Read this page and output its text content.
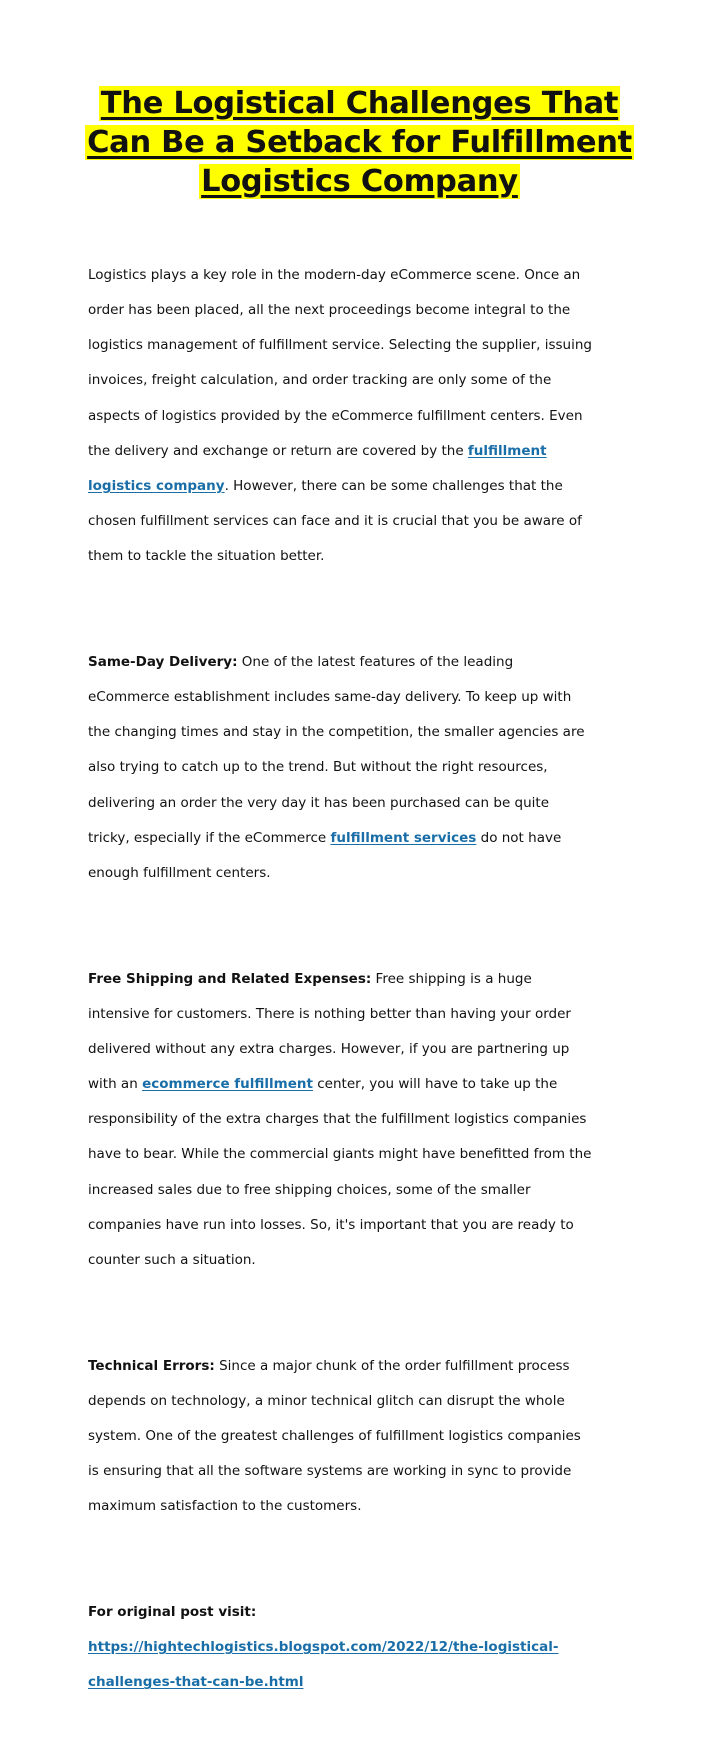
The Logistical Challenges That
Can Be a Setback for Fulfillment
Logistics Company

Logistics plays a key role in the modern-day eCommerce scene. Once an

order has been placed, all the next proceedings become integral to the

logistics management of fulfillment service. Selecting the supplier, issuing

invoices, freight calculation, and order tracking are only some of the

aspects of logistics provided by the eCommerce fulfillment centers. Even

the delivery and exchange or return are covered by the fulfillment

logistics company. However, there can be some challenges that the

chosen fulfillment services can face and it is crucial that you be aware of

them to tackle the situation better.

Same-Day Delivery: One of the latest features of the leading

eCommerce establishment includes same-day delivery. To keep up with

the changing times and stay in the competition, the smaller agencies are

also trying to catch up to the trend. But without the right resources,

delivering an order the very day it has been purchased can be quite

tricky, especially if the eCommerce fulfillment services do not have

enough fulfillment centers.

Free Shipping and Related Expenses: Free shipping is a huge

intensive for customers. There is nothing better than having your order

delivered without any extra charges. However, if you are partnering up

with an ecommerce fulfillment center, you will have to take up the

responsibility of the extra charges that the fulfillment logistics companies

have to bear. While the commercial giants might have benefitted from the

increased sales due to free shipping choices, some of the smaller

companies have run into losses. So, it's important that you are ready to

counter such a situation.

Technical Errors: Since a major chunk of the order fulfillment process

depends on technology, a minor technical glitch can disrupt the whole

system. One of the greatest challenges of fulfillment logistics companies

is ensuring that all the software systems are working in sync to provide

maximum satisfaction to the customers.

For original post visit:

https://hightechlogistics.blogspot.com/2022/12/the-logistical-

challenges-that-can-be.html
